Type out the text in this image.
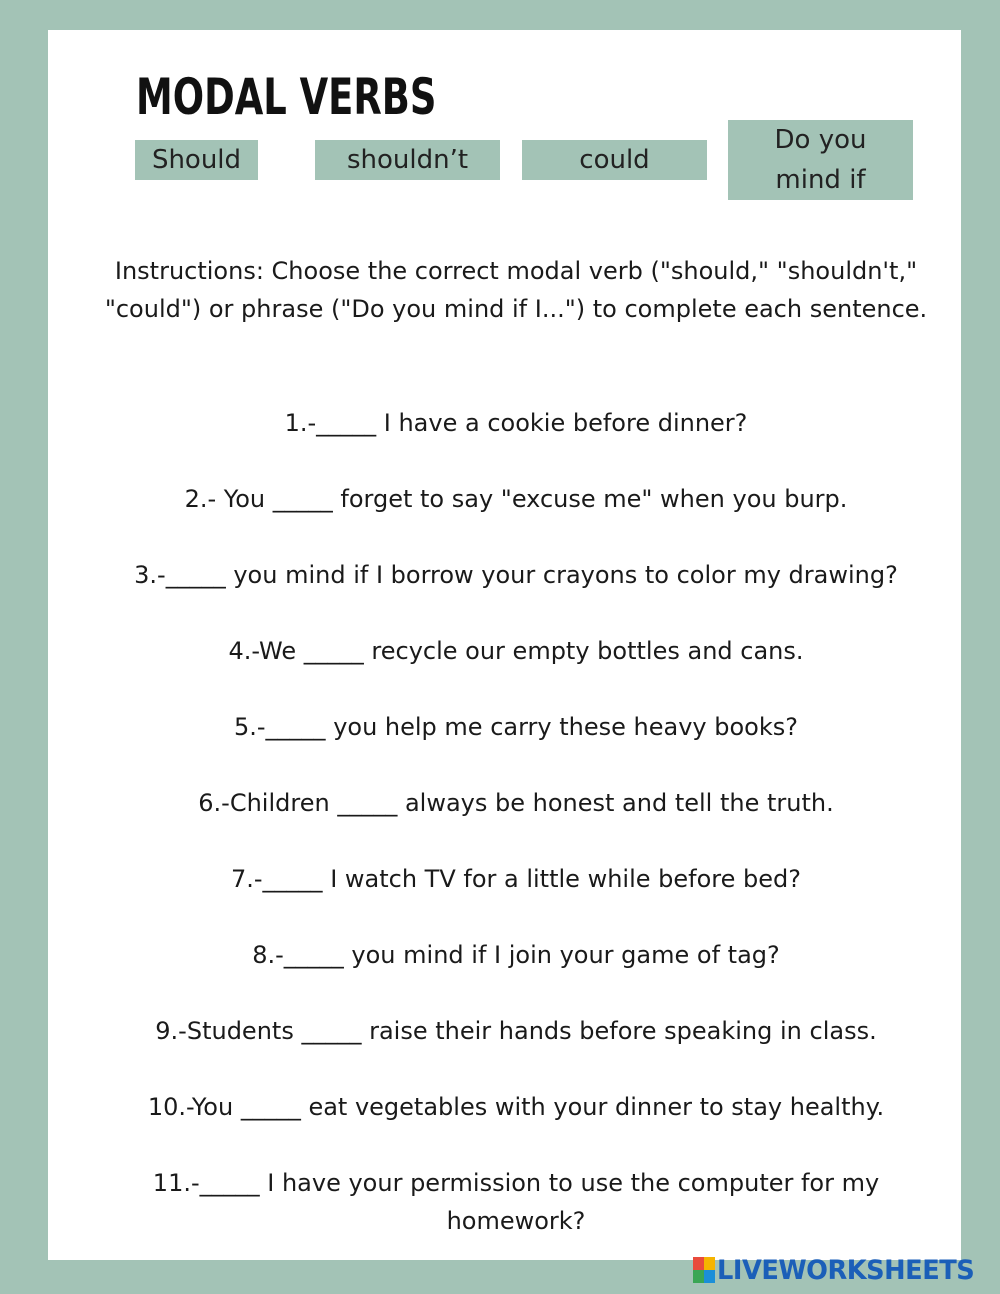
MODAL VERBS
Should	shouldn’t	could
Do you
mind if

Instructions: Choose the correct modal verb ("should," "shouldn't," "could") or phrase ("Do you mind if I...") to complete each sentence.

1.-_____ I have a cookie before dinner?

2.- You _____ forget to say "excuse me" when you burp.

3.-_____ you mind if I borrow your crayons to color my drawing?

4.-We _____ recycle our empty bottles and cans.

5.-_____ you help me carry these heavy books?

6.-Children _____ always be honest and tell the truth.

7.-_____ I watch TV for a little while before bed?

8.-_____ you mind if I join your game of tag?

9.-Students _____ raise their hands before speaking in class.

10.-You _____ eat vegetables with your dinner to stay healthy.

11.-_____ I have your permission to use the computer for my homework?

LIVEWORKSHEETS
